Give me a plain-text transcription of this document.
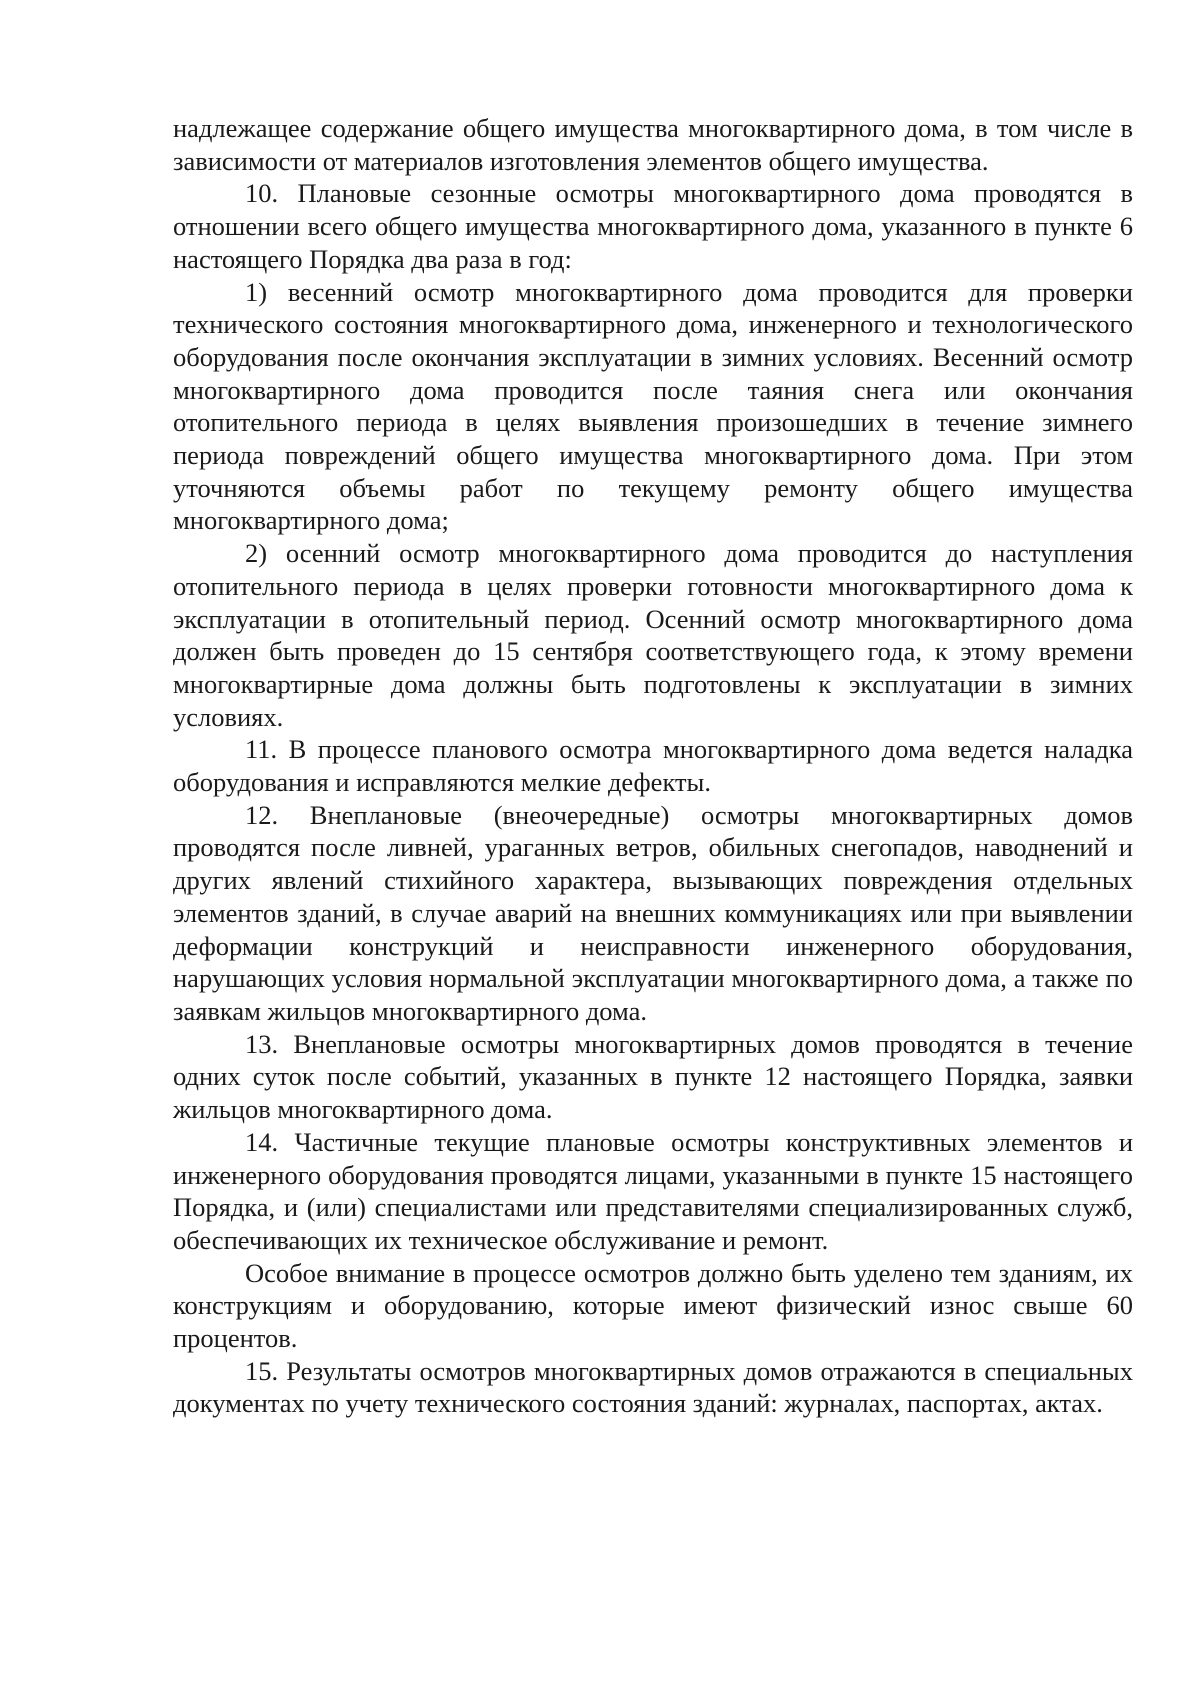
надлежащее содержание общего имущества многоквартирного дома, в том числе в зависимости от материалов изготовления элементов общего имущества.

10. Плановые сезонные осмотры многоквартирного дома проводятся в отношении всего общего имущества многоквартирного дома, указанного в пункте 6 настоящего Порядка два раза в год:

1) весенний осмотр многоквартирного дома проводится для проверки технического состояния многоквартирного дома, инженерного и технологического оборудования после окончания эксплуатации в зимних условиях. Весенний осмотр многоквартирного дома проводится после таяния снега или окончания отопительного периода в целях выявления произошедших в течение зимнего периода повреждений общего имущества многоквартирного дома. При этом уточняются объемы работ по текущему ремонту общего имущества многоквартирного дома;

2) осенний осмотр многоквартирного дома проводится до наступления отопительного периода в целях проверки готовности многоквартирного дома к эксплуатации в отопительный период. Осенний осмотр многоквартирного дома должен быть проведен до 15 сентября соответствующего года, к этому времени многоквартирные дома должны быть подготовлены к эксплуатации в зимних условиях.

11. В процессе планового осмотра многоквартирного дома ведется наладка оборудования и исправляются мелкие дефекты.

12. Внеплановые (внеочередные) осмотры многоквартирных домов проводятся после ливней, ураганных ветров, обильных снегопадов, наводнений и других явлений стихийного характера, вызывающих повреждения отдельных элементов зданий, в случае аварий на внешних коммуникациях или при выявлении деформации конструкций и неисправности инженерного оборудования, нарушающих условия нормальной эксплуатации многоквартирного дома, а также по заявкам жильцов многоквартирного дома.

13. Внеплановые осмотры многоквартирных домов проводятся в течение одних суток после событий, указанных в пункте 12 настоящего Порядка, заявки жильцов многоквартирного дома.

14. Частичные текущие плановые осмотры конструктивных элементов и инженерного оборудования проводятся лицами, указанными в пункте 15 настоящего Порядка, и (или) специалистами или представителями специализированных служб, обеспечивающих их техническое обслуживание и ремонт.

Особое внимание в процессе осмотров должно быть уделено тем зданиям, их конструкциям и оборудованию, которые имеют физический износ свыше 60 процентов.

15. Результаты осмотров многоквартирных домов отражаются в специальных документах по учету технического состояния зданий: журналах, паспортах, актах.
